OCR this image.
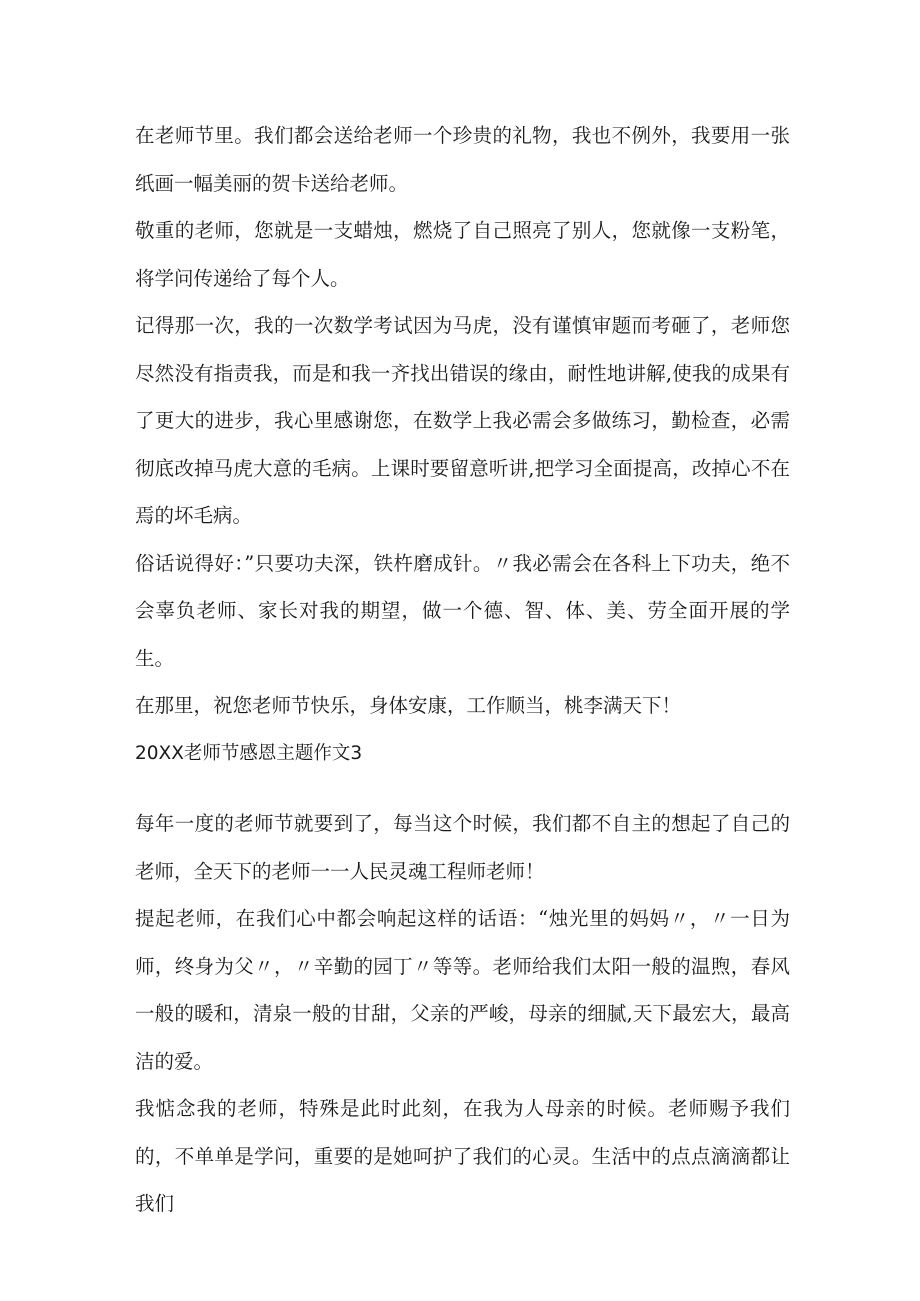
在老师节里。我们都会送给老师一个珍贵的礼物，我也不例外，我要用一张纸画一幅美丽的贺卡送给老师。

敬重的老师，您就是一支蜡烛，燃烧了自己照亮了别人，您就像一支粉笔，将学问传递给了每个人。

记得那一次，我的一次数学考试因为马虎，没有谨慎审题而考砸了，老师您尽然没有指责我，而是和我一齐找出错误的缘由，耐性地讲解,使我的成果有了更大的进步，我心里感谢您，在数学上我必需会多做练习，勤检查，必需彻底改掉马虎大意的毛病。上课时要留意听讲,把学习全面提高，改掉心不在焉的坏毛病。

俗话说得好：”只要功夫深，铁杵磨成针。〃我必需会在各科上下功夫，绝不会辜负老师、家长对我的期望，做一个德、智、体、美、劳全面开展的学生。

在那里，祝您老师节快乐，身体安康，工作顺当，桃李满天下！

20XX老师节感恩主题作文3

每年一度的老师节就要到了，每当这个时候，我们都不自主的想起了自己的老师，全天下的老师一一人民灵魂工程师老师！

提起老师，在我们心中都会响起这样的话语：“烛光里的妈妈〃，〃一日为师，终身为父〃，〃辛勤的园丁〃等等。老师给我们太阳一般的温煦，春风一般的暖和，清泉一般的甘甜，父亲的严峻，母亲的细腻,天下最宏大，最高洁的爱。

我惦念我的老师，特殊是此时此刻，在我为人母亲的时候。老师赐予我们的，不单单是学问，重要的是她呵护了我们的心灵。生活中的点点滴滴都让我们
